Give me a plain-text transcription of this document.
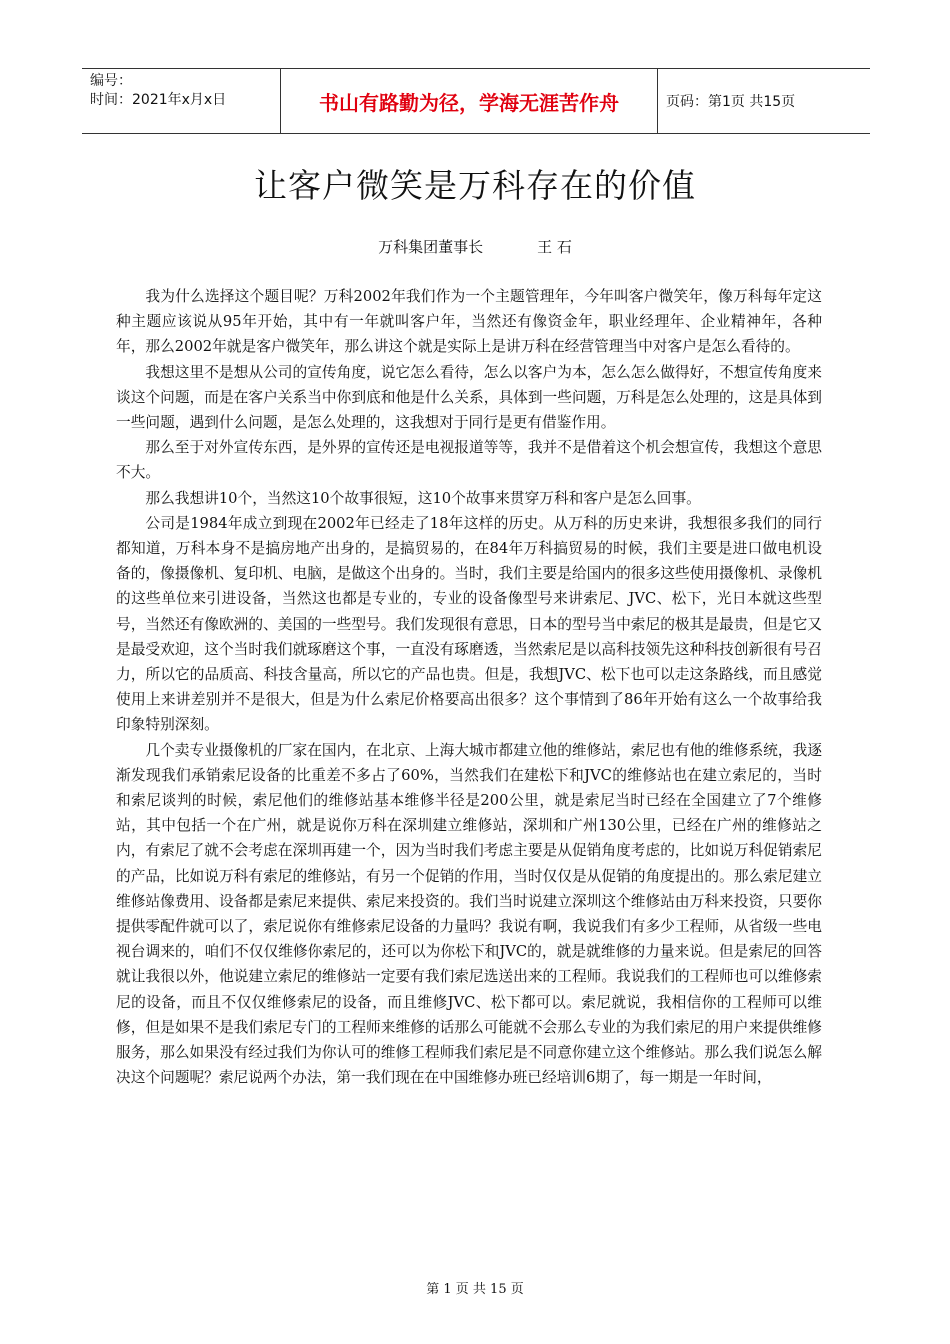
编号：
时间：2021年x月x日	书山有路勤为径，学海无涯苦作舟	页码：第1页 共15页
让客户微笑是万科存在的价值
万科集团董事长	王 石

我为什么选择这个题目呢？万科2002年我们作为一个主题管理年，今年叫客户微笑年，像万科每年定这种主题应该说从95年开始，其中有一年就叫客户年，当然还有像资金年，职业经理年、企业精神年，各种年，那么2002年就是客户微笑年，那么讲这个就是实际上是讲万科在经营管理当中对客户是怎么看待的。

我想这里不是想从公司的宣传角度，说它怎么看待，怎么以客户为本，怎么怎么做得好，不想宣传角度来谈这个问题，而是在客户关系当中你到底和他是什么关系，具体到一些问题，万科是怎么处理的，这是具体到一些问题，遇到什么问题，是怎么处理的，这我想对于同行是更有借鉴作用。

那么至于对外宣传东西，是外界的宣传还是电视报道等等，我并不是借着这个机会想宣传，我想这个意思不大。

那么我想讲10个，当然这10个故事很短，这10个故事来贯穿万科和客户是怎么回事。

公司是1984年成立到现在2002年已经走了18年这样的历史。从万科的历史来讲，我想很多我们的同行都知道，万科本身不是搞房地产出身的，是搞贸易的，在84年万科搞贸易的时候，我们主要是进口做电机设备的，像摄像机、复印机、电脑，是做这个出身的。当时，我们主要是给国内的很多这些使用摄像机、录像机的这些单位来引进设备，当然这也都是专业的，专业的设备像型号来讲索尼、JVC、松下，光日本就这些型号，当然还有像欧洲的、美国的一些型号。我们发现很有意思，日本的型号当中索尼的极其是最贵，但是它又是最受欢迎，这个当时我们就琢磨这个事，一直没有琢磨透，当然索尼是以高科技领先这种科技创新很有号召力，所以它的品质高、科技含量高，所以它的产品也贵。但是，我想JVC、松下也可以走这条路线，而且感觉使用上来讲差别并不是很大，但是为什么索尼价格要高出很多？这个事情到了86年开始有这么一个故事给我印象特别深刻。

几个卖专业摄像机的厂家在国内，在北京、上海大城市都建立他的维修站，索尼也有他的维修系统，我逐渐发现我们承销索尼设备的比重差不多占了60%，当然我们在建松下和JVC的维修站也在建立索尼的，当时和索尼谈判的时候，索尼他们的维修站基本维修半径是200公里，就是索尼当时已经在全国建立了7个维修站，其中包括一个在广州，就是说你万科在深圳建立维修站，深圳和广州130公里，已经在广州的维修站之内，有索尼了就不会考虑在深圳再建一个，因为当时我们考虑主要是从促销角度考虑的，比如说万科促销索尼的产品，比如说万科有索尼的维修站，有另一个促销的作用，当时仅仅是从促销的角度提出的。那么索尼建立维修站像费用、设备都是索尼来提供、索尼来投资的。我们当时说建立深圳这个维修站由万科来投资，只要你提供零配件就可以了，索尼说你有维修索尼设备的力量吗？我说有啊，我说我们有多少工程师，从省级一些电视台调来的，咱们不仅仅维修你索尼的，还可以为你松下和JVC的，就是就维修的力量来说。但是索尼的回答就让我很以外，他说建立索尼的维修站一定要有我们索尼选送出来的工程师。我说我们的工程师也可以维修索尼的设备，而且不仅仅维修索尼的设备，而且维修JVC、松下都可以。索尼就说，我相信你的工程师可以维修，但是如果不是我们索尼专门的工程师来维修的话那么可能就不会那么专业的为我们索尼的用户来提供维修服务，那么如果没有经过我们为你认可的维修工程师我们索尼是不同意你建立这个维修站。那么我们说怎么解决这个问题呢？索尼说两个办法，第一我们现在在中国维修办班已经培训6期了，每一期是一年时间，

第 1 页 共 15 页
